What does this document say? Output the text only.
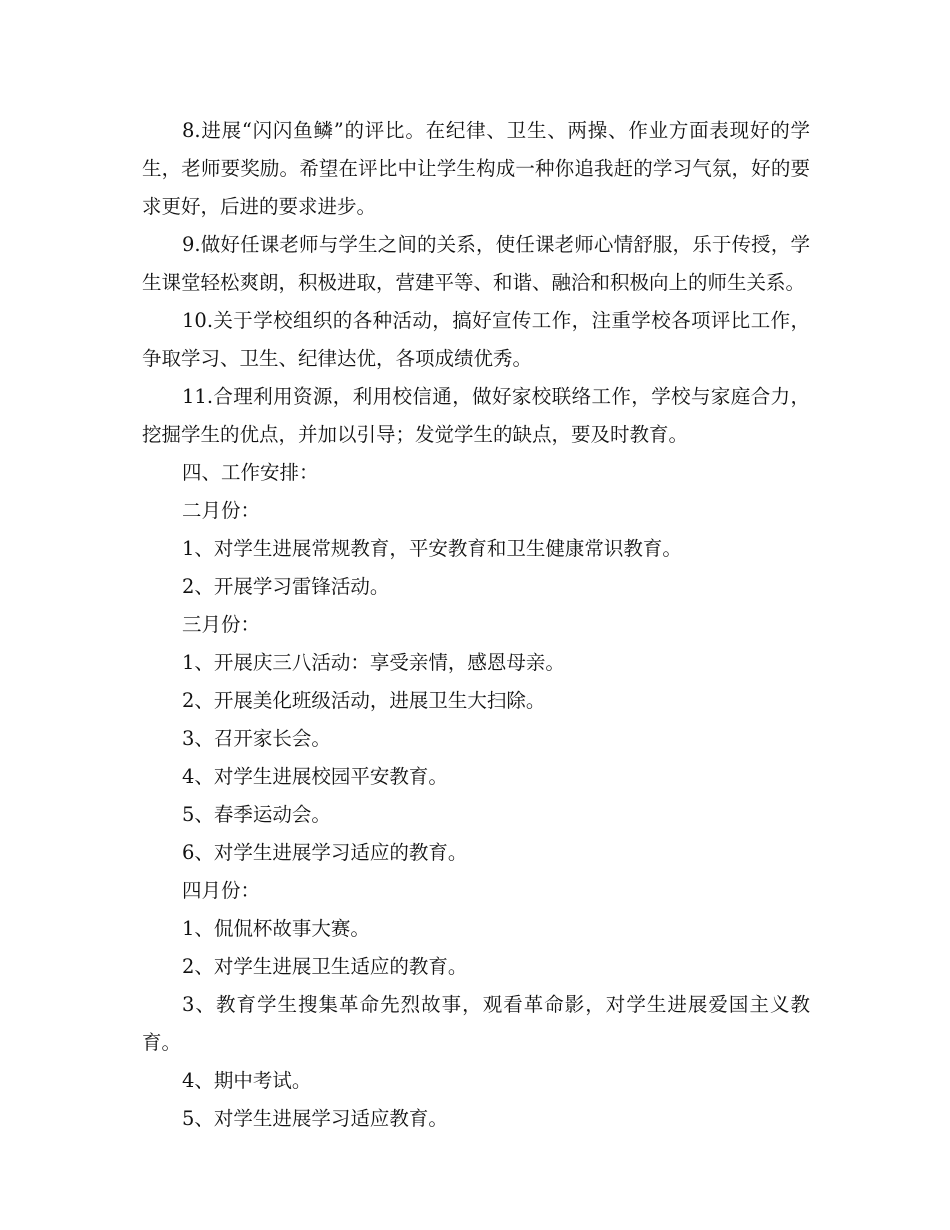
8.进展“闪闪鱼鳞”的评比。在纪律、卫生、两操、作业方面表现好的学生，老师要奖励。希望在评比中让学生构成一种你追我赶的学习气氛，好的要求更好，后进的要求进步。

9.做好任课老师与学生之间的关系，使任课老师心情舒服，乐于传授，学生课堂轻松爽朗，积极进取，营建平等、和谐、融洽和积极向上的师生关系。

10.关于学校组织的各种活动，搞好宣传工作，注重学校各项评比工作，争取学习、卫生、纪律达优，各项成绩优秀。

11.合理利用资源，利用校信通，做好家校联络工作，学校与家庭合力，挖掘学生的优点，并加以引导；发觉学生的缺点，要及时教育。

四、工作安排：

二月份：

1、对学生进展常规教育，平安教育和卫生健康常识教育。

2、开展学习雷锋活动。

三月份：

1、开展庆三八活动：享受亲情，感恩母亲。

2、开展美化班级活动，进展卫生大扫除。

3、召开家长会。

4、对学生进展校园平安教育。

5、春季运动会。

6、对学生进展学习适应的教育。

四月份：

1、侃侃杯故事大赛。

2、对学生进展卫生适应的教育。

3、教育学生搜集革命先烈故事，观看革命影，对学生进展爱国主义教育。

4、期中考试。

5、对学生进展学习适应教育。
